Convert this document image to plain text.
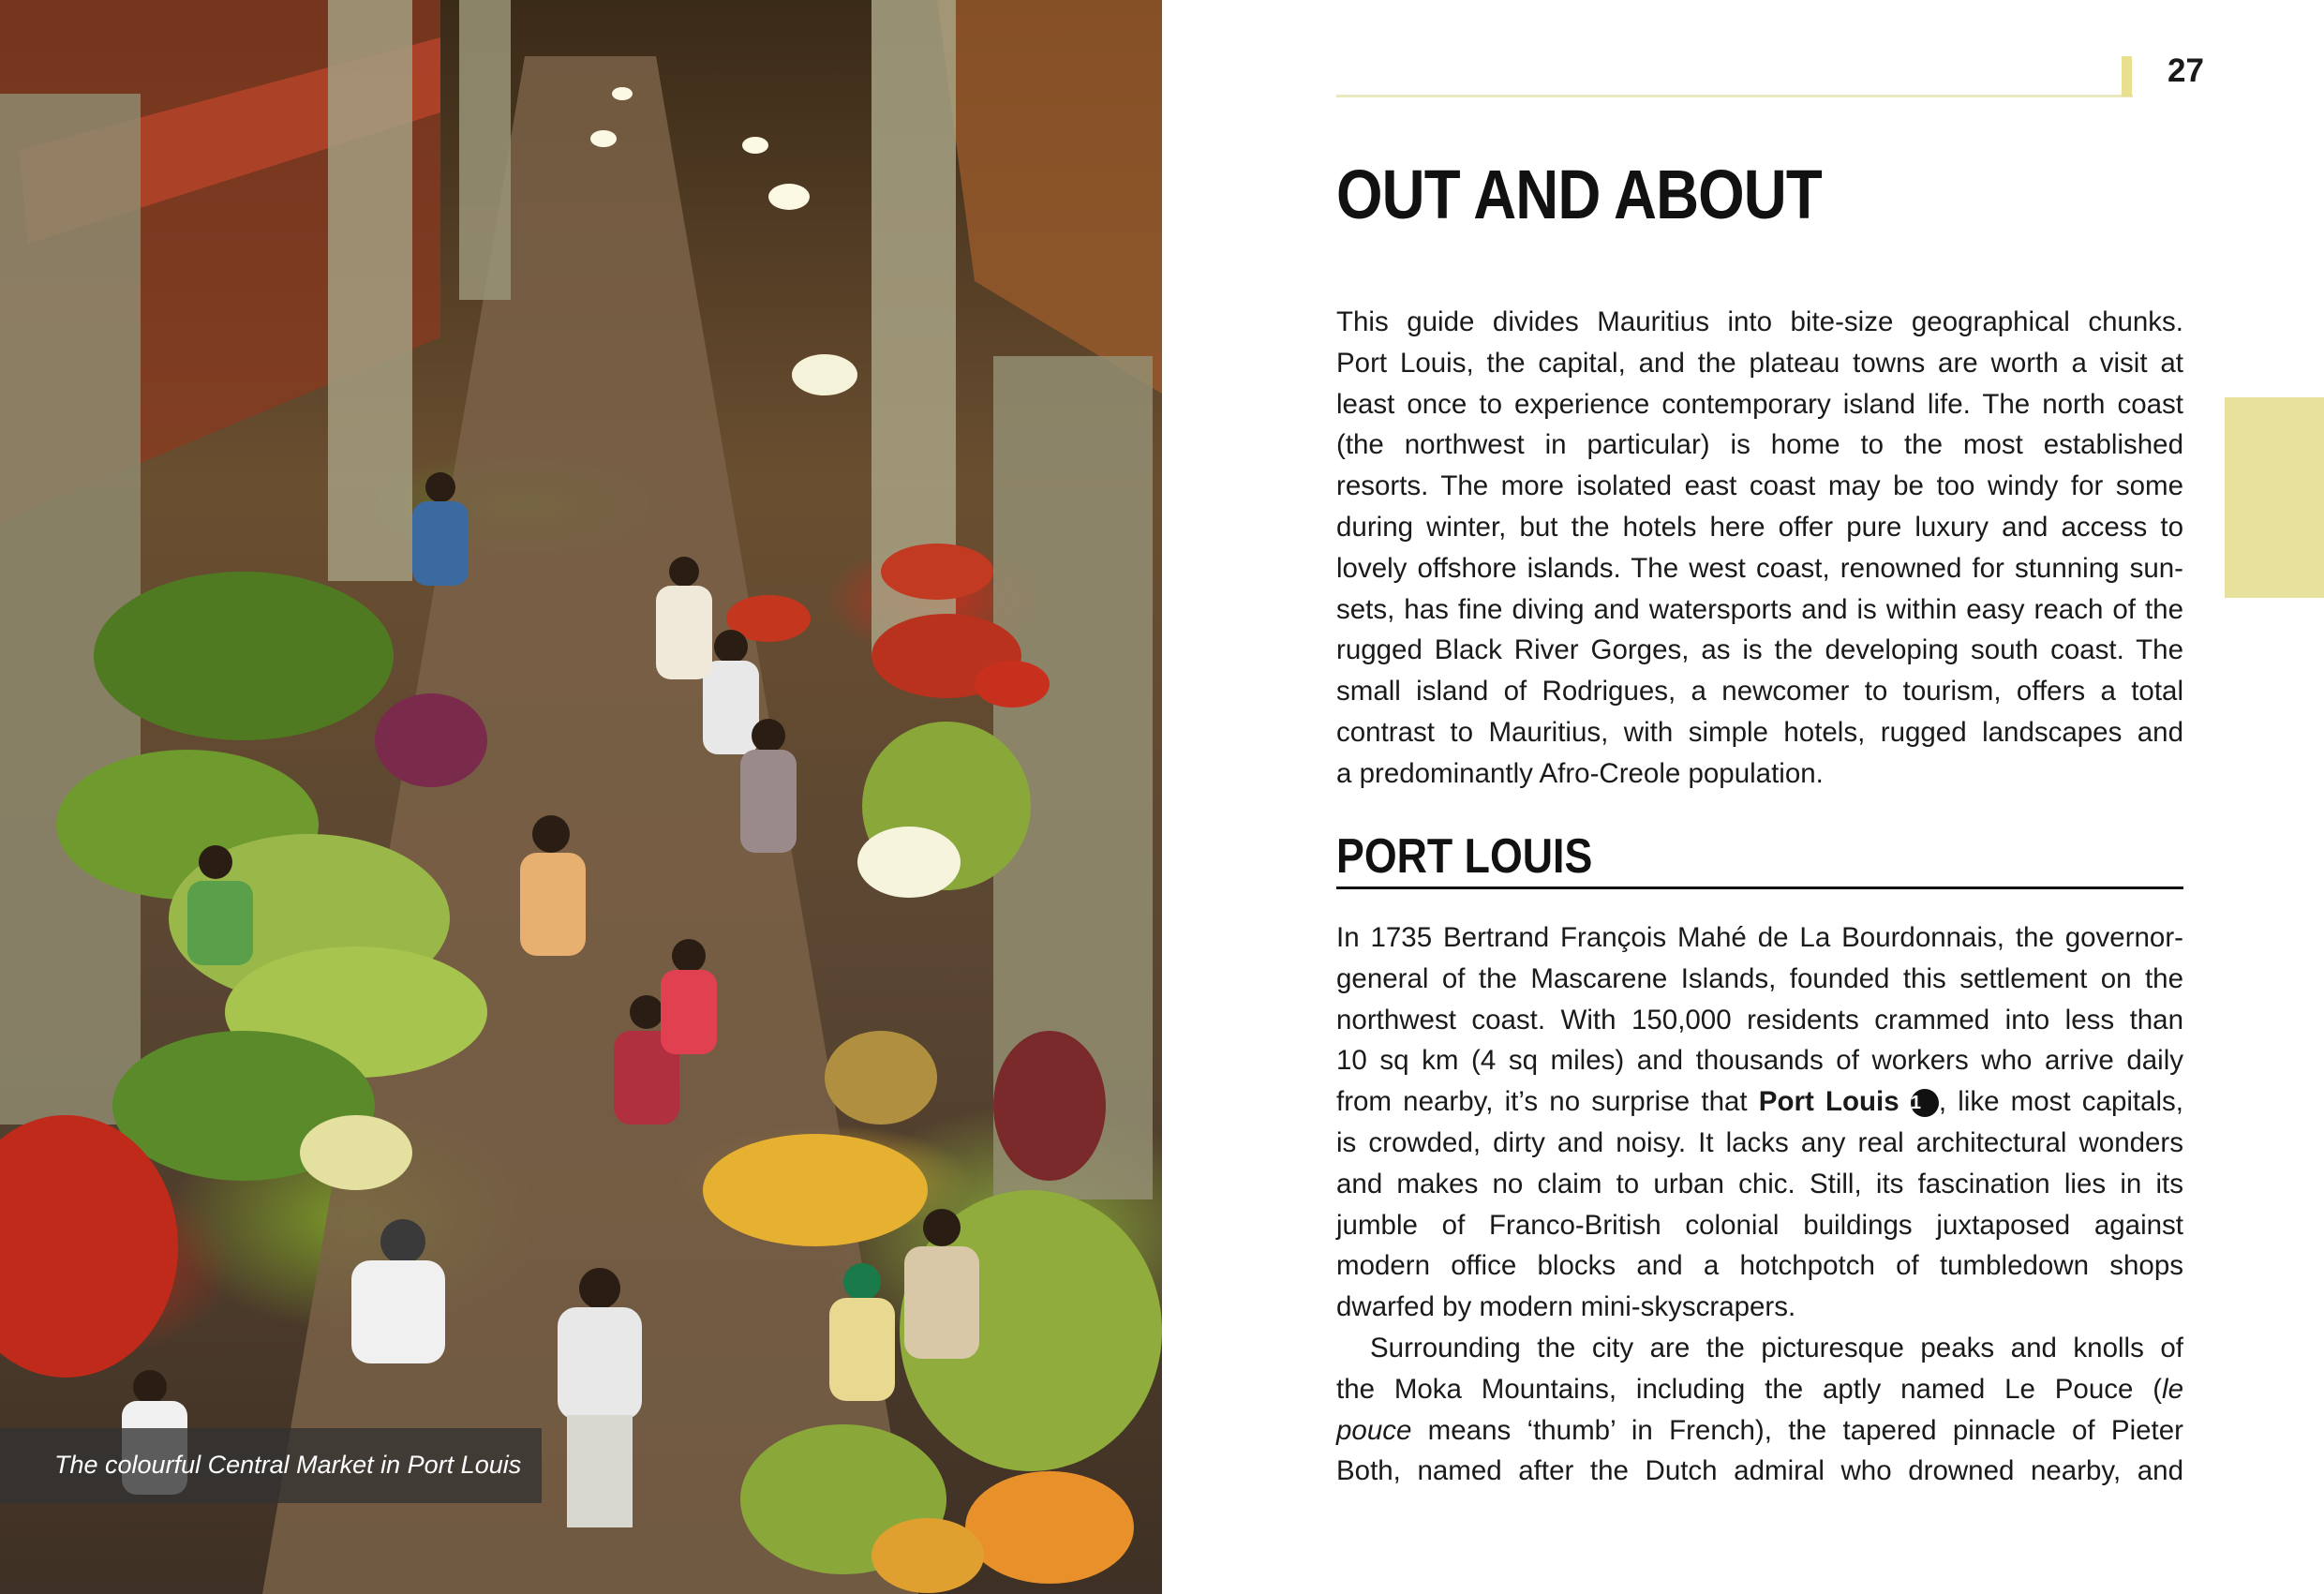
The colourful Central Market in Port Louis
27
OUT AND ABOUT
This guide divides Mauritius into bite-size geographical chunks.
Port Louis, the capital, and the plateau towns are worth a visit at
least once to experience contemporary island life. The north coast
(the northwest in particular) is home to the most established
resorts. The more isolated east coast may be too windy for some
during winter, but the hotels here offer pure luxury and access to
lovely offshore islands. The west coast, renowned for stunning sun-
sets, has fine diving and watersports and is within easy reach of the
rugged Black River Gorges, as is the developing south coast. The
small island of Rodrigues, a newcomer to tourism, offers a total
contrast to Mauritius, with simple hotels, rugged landscapes and
a predominantly Afro-Creole population.
PORT LOUIS
In 1735 Bertrand François Mahé de La Bourdonnais, the governor-
general of the Mascarene Islands, founded this settlement on the
northwest coast. With 150,000 residents crammed into less than
10 sq km (4 sq miles) and thousands of workers who arrive daily
from nearby, it’s no surprise that Port Louis 1 , like most capitals,
is crowded, dirty and noisy. It lacks any real architectural wonders
and makes no claim to urban chic. Still, its fascination lies in its
jumble of Franco-British colonial buildings juxtaposed against
modern office blocks and a hotchpotch of tumbledown shops
dwarfed by modern mini-skyscrapers.
Surrounding the city are the picturesque peaks and knolls of
the Moka Mountains, including the aptly named Le Pouce (le
pouce means ‘thumb’ in French), the tapered pinnacle of Pieter
Both, named after the Dutch admiral who drowned nearby, and
